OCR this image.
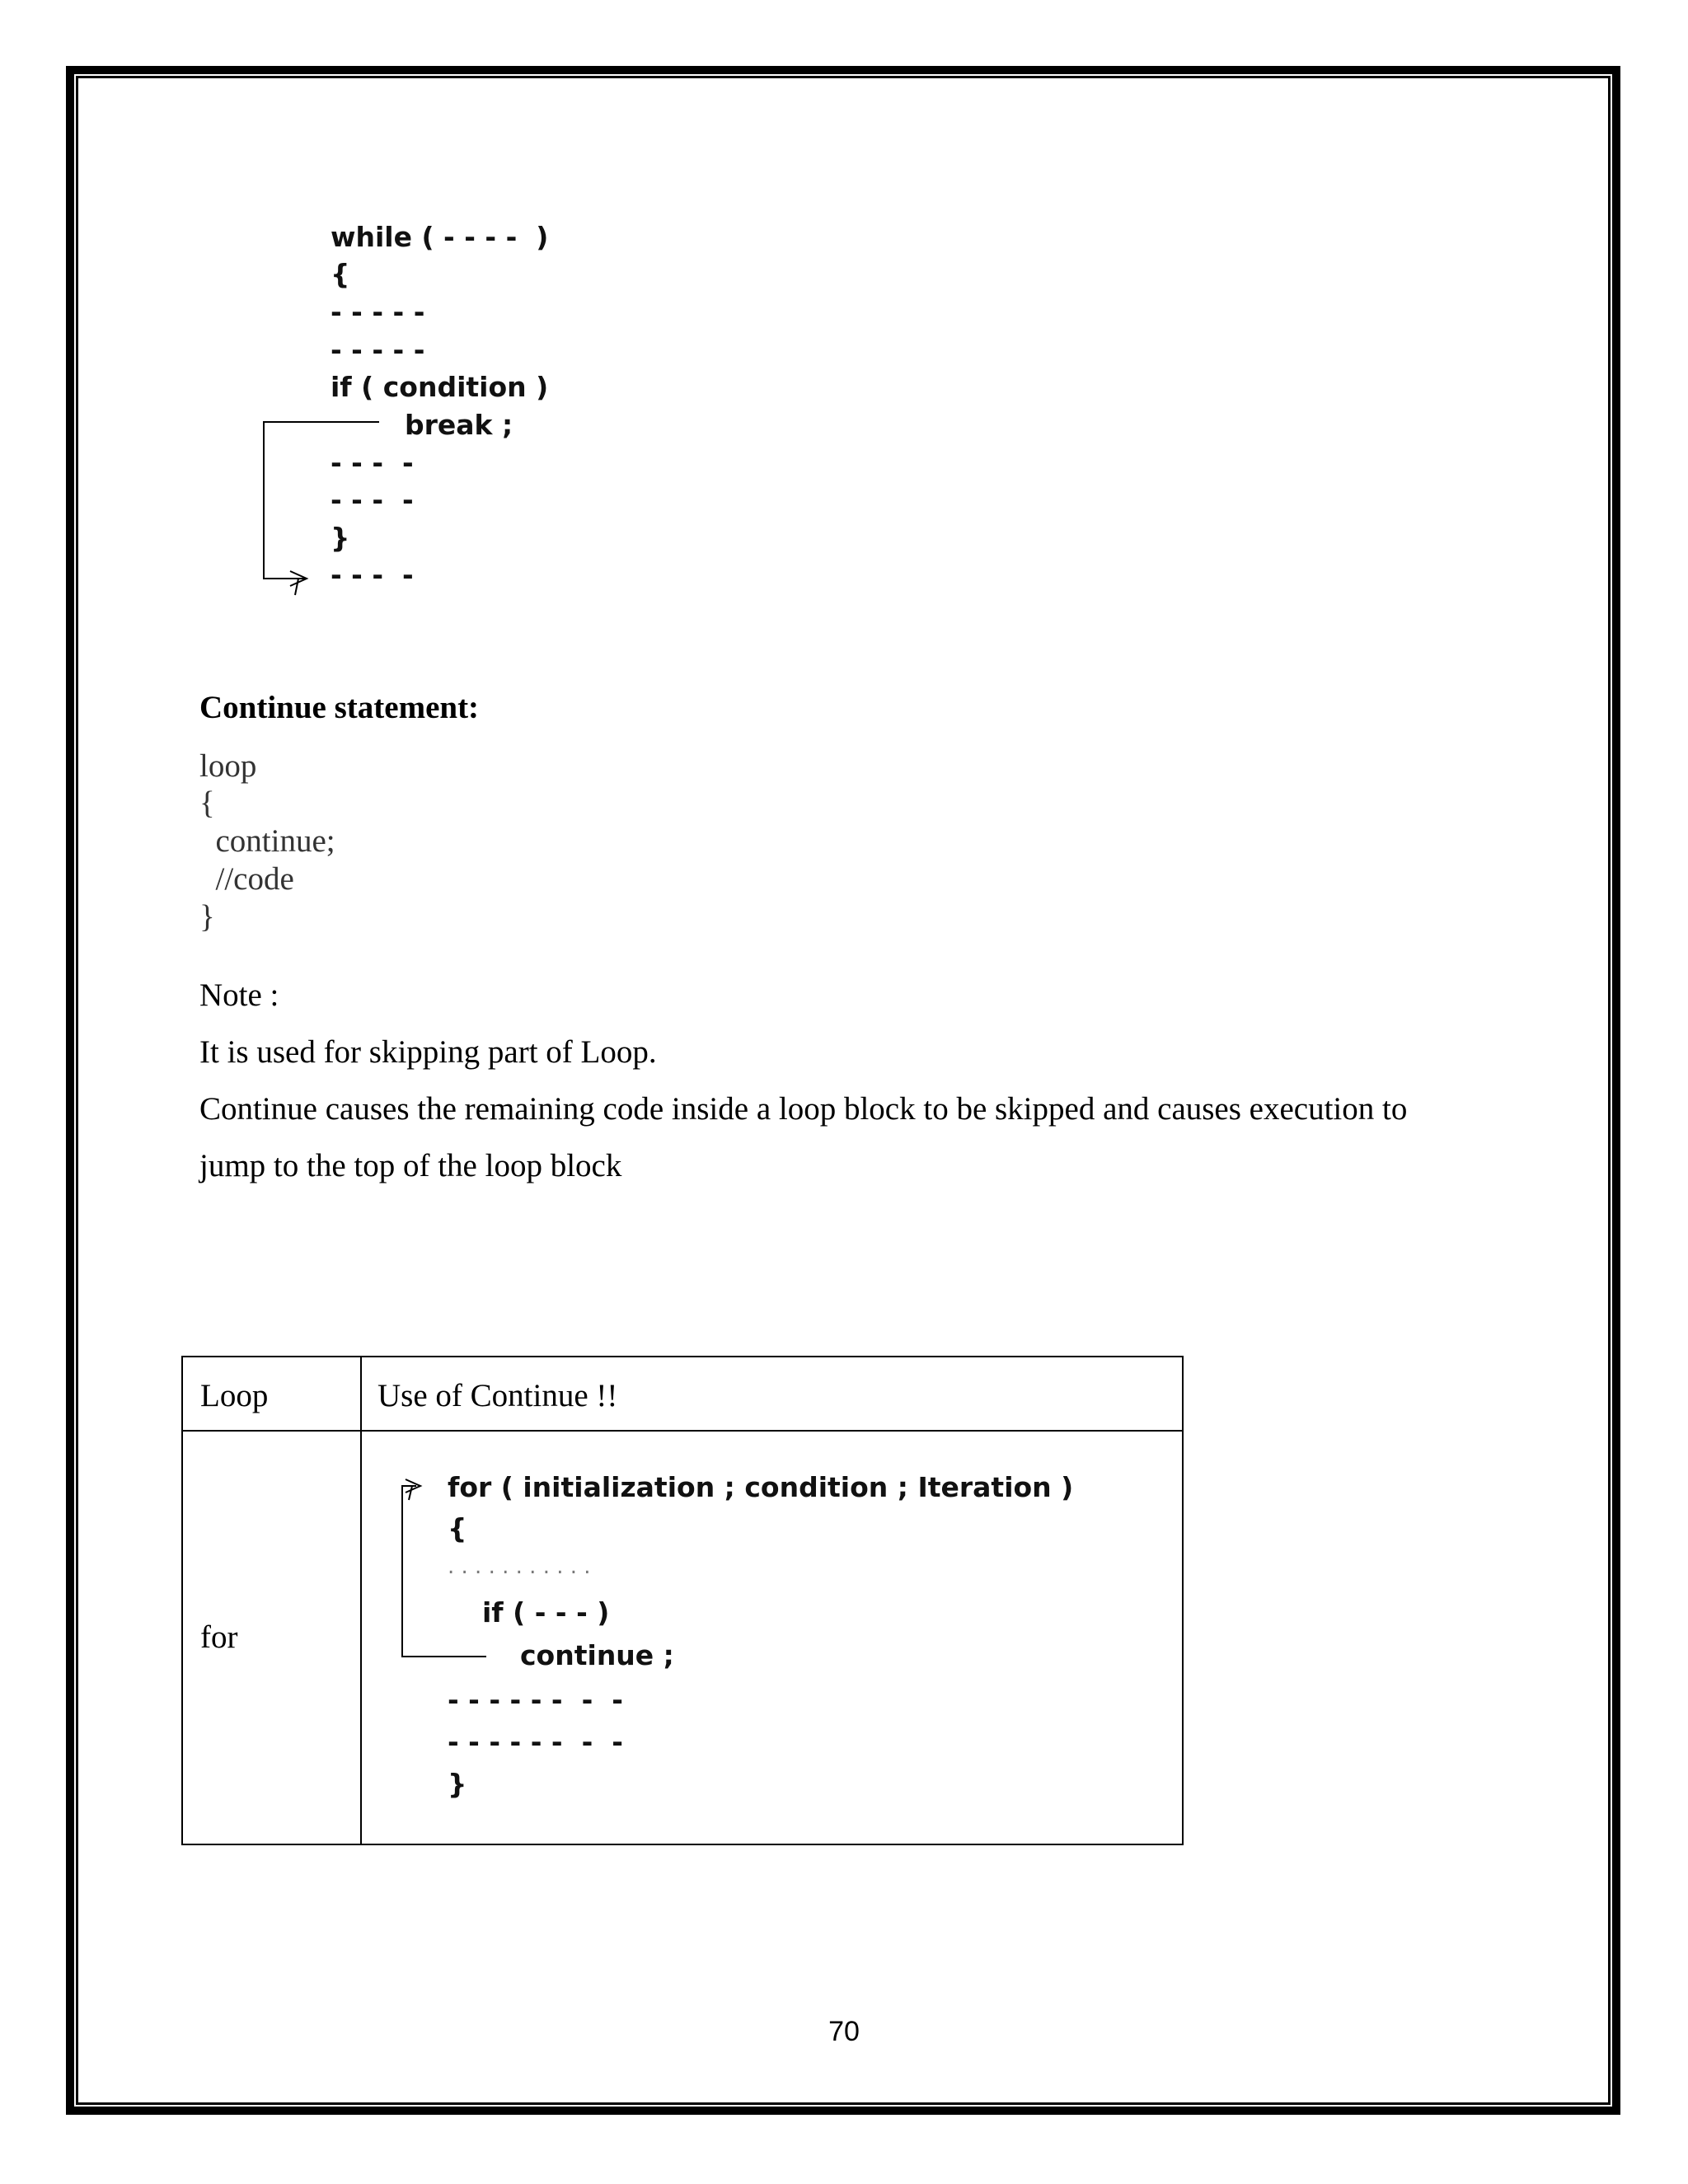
while ( - - - -  )
{
- - - - -
- - - - -
if ( condition )
break ;
- - -  -
- - -  -
}
- - -  -
Continue statement:
loop
{
continue;
//code
}
Note :
It is used for skipping part of Loop.
Continue causes the remaining code inside a loop block to be skipped and causes execution to
jump to the top of the loop block
Loop	Use of Continue !!
for
for ( initialization ; condition ; Iteration )
{
. . . . . . . . . . .
if ( - - - )
continue ;
- - - - - -  -  -
- - - - - -  -  -
}
70
